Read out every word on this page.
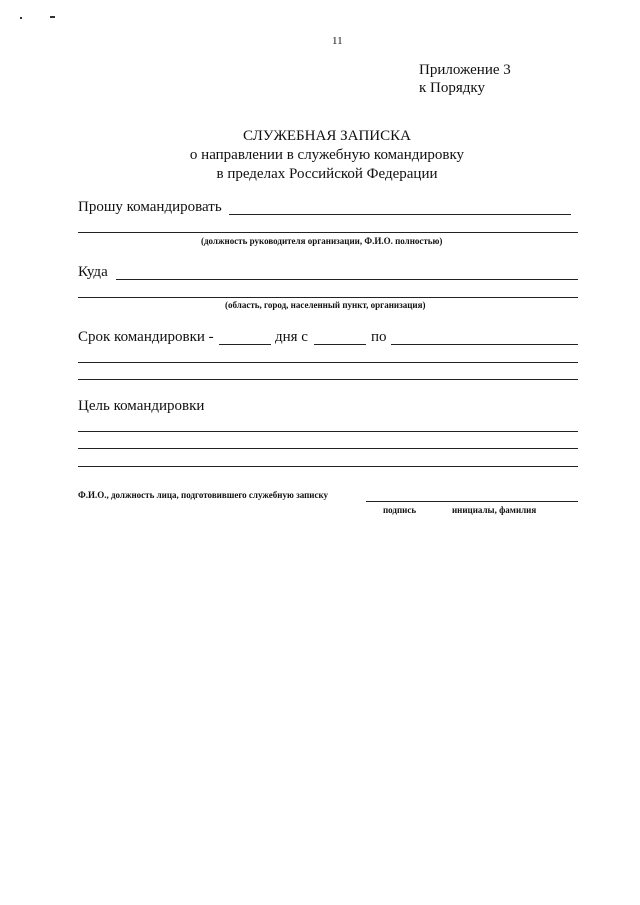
11
Приложение 3
к Порядку
СЛУЖЕБНАЯ ЗАПИСКА
о направлении в служебную командировку
в пределах Российской Федерации
Прошу командировать
(должность руководителя организации, Ф.И.О. полностью)
Куда
(область, город, населенный пункт, организация)
Срок командировки -	дня с	по
Цель командировки
Ф.И.О., должность лица, подготовившего служебную записку
подпись	инициалы, фамилия
